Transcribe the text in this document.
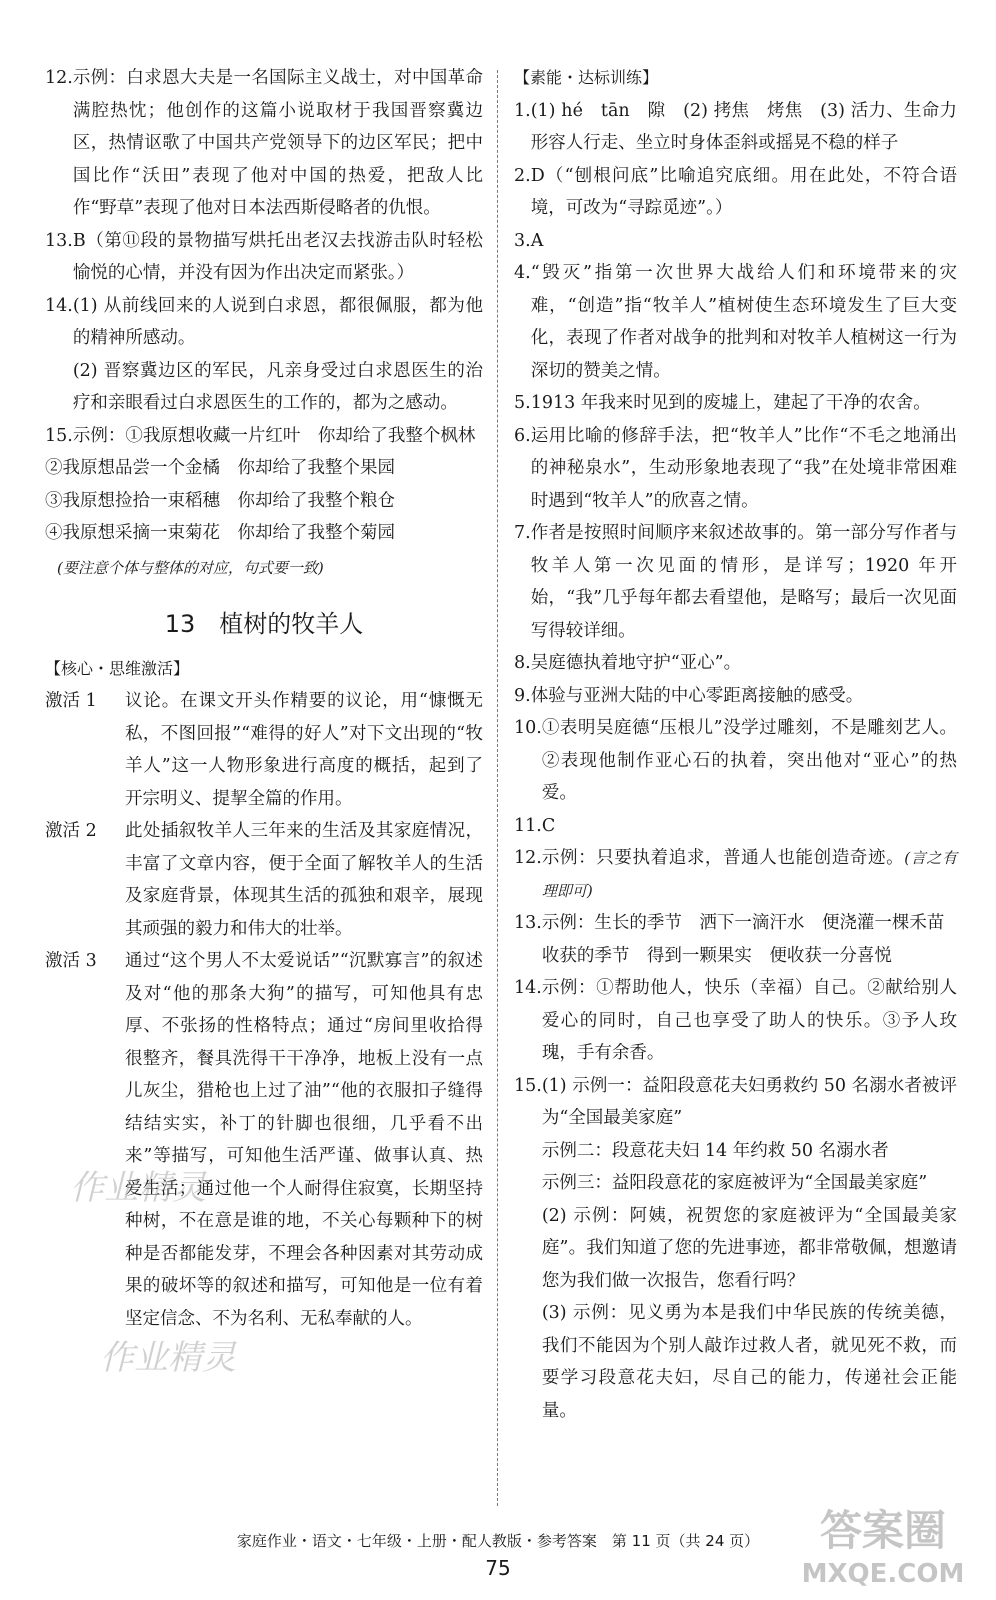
12. 示例：白求恩大夫是一名国际主义战士，对中国革命满腔热忱；他创作的这篇小说取材于我国晋察冀边区，热情讴歌了中国共产党领导下的边区军民；把中国比作“沃田”表现了他对中国的热爱，把敌人比作“野草”表现了他对日本法西斯侵略者的仇恨。
13. B（第⑪段的景物描写烘托出老汉去找游击队时轻松愉悦的心情，并没有因为作出决定而紧张。）
14. (1) 从前线回来的人说到白求恩，都很佩服，都为他的精神所感动。
(2) 晋察冀边区的军民，凡亲身受过白求恩医生的治疗和亲眼看过白求恩医生的工作的，都为之感动。
15. 示例：①我原想收藏一片红叶　你却给了我整个枫林
②我原想品尝一个金橘　你却给了我整个果园
③我原想捡拾一束稻穗　你却给了我整个粮仓
④我原想采摘一束菊花　你却给了我整个菊园
(要注意个体与整体的对应，句式要一致)
13　植树的牧羊人
【核心・思维激活】
激活 1	议论。在课文开头作精要的议论，用“慷慨无私，不图回报”“难得的好人”对下文出现的“牧羊人”这一人物形象进行高度的概括，起到了开宗明义、提挈全篇的作用。
激活 2	此处插叙牧羊人三年来的生活及其家庭情况，丰富了文章内容，便于全面了解牧羊人的生活及家庭背景，体现其生活的孤独和艰辛，展现其顽强的毅力和伟大的壮举。
激活 3	通过“这个男人不太爱说话”“沉默寡言”的叙述及对“他的那条大狗”的描写，可知他具有忠厚、不张扬的性格特点；通过“房间里收拾得很整齐，餐具洗得干干净净，地板上没有一点儿灰尘，猎枪也上过了油”“他的衣服扣子缝得结结实实，补丁的针脚也很细，几乎看不出来”等描写，可知他生活严谨、做事认真、热爱生活；通过他一个人耐得住寂寞，长期坚持种树，不在意是谁的地，不关心每颗种下的树种是否都能发芽，不理会各种因素对其劳动成果的破坏等的叙述和描写，可知他是一位有着坚定信念、不为名利、无私奉献的人。
【素能・达标训练】
1. (1) hé　tān　隙　(2) 拷焦　烤焦　(3) 活力、生命力　形容人行走、坐立时身体歪斜或摇晃不稳的样子
2. D（“刨根问底”比喻追究底细。用在此处，不符合语境，可改为“寻踪觅迹”。）
3. A
4. “毁灭”指第一次世界大战给人们和环境带来的灾难，“创造”指“牧羊人”植树使生态环境发生了巨大变化，表现了作者对战争的批判和对牧羊人植树这一行为深切的赞美之情。
5. 1913 年我来时见到的废墟上，建起了干净的农舍。
6. 运用比喻的修辞手法，把“牧羊人”比作“不毛之地涌出的神秘泉水”，生动形象地表现了“我”在处境非常困难时遇到“牧羊人”的欣喜之情。
7. 作者是按照时间顺序来叙述故事的。第一部分写作者与牧羊人第一次见面的情形，是详写；1920 年开始，“我”几乎每年都去看望他，是略写；最后一次见面写得较详细。
8. 吴庭德执着地守护“亚心”。
9. 体验与亚洲大陆的中心零距离接触的感受。
10. ①表明吴庭德“压根儿”没学过雕刻，不是雕刻艺人。②表现他制作亚心石的执着，突出他对“亚心”的热爱。
11. C
12. 示例：只要执着追求，普通人也能创造奇迹。(言之有理即可)
13. 示例：生长的季节　洒下一滴汗水　便浇灌一棵禾苗
收获的季节　得到一颗果实　便收获一分喜悦
14. 示例：①帮助他人，快乐（幸福）自己。②献给别人爱心的同时，自己也享受了助人的快乐。③予人玫瑰，手有余香。
15. (1) 示例一：益阳段意花夫妇勇救约 50 名溺水者被评为“全国最美家庭”
示例二：段意花夫妇 14 年约救 50 名溺水者
示例三：益阳段意花的家庭被评为“全国最美家庭”
(2) 示例：阿姨，祝贺您的家庭被评为“全国最美家庭”。我们知道了您的先进事迹，都非常敬佩，想邀请您为我们做一次报告，您看行吗？
(3) 示例：见义勇为本是我们中华民族的传统美德，我们不能因为个别人敲诈过救人者，就见死不救，而要学习段意花夫妇，尽自己的能力，传递社会正能量。
作业精灵
作业精灵
答案圈
MXQE.COM
家庭作业・语文・七年级・上册・配人教版・参考答案　第 11 页（共 24 页）
75
